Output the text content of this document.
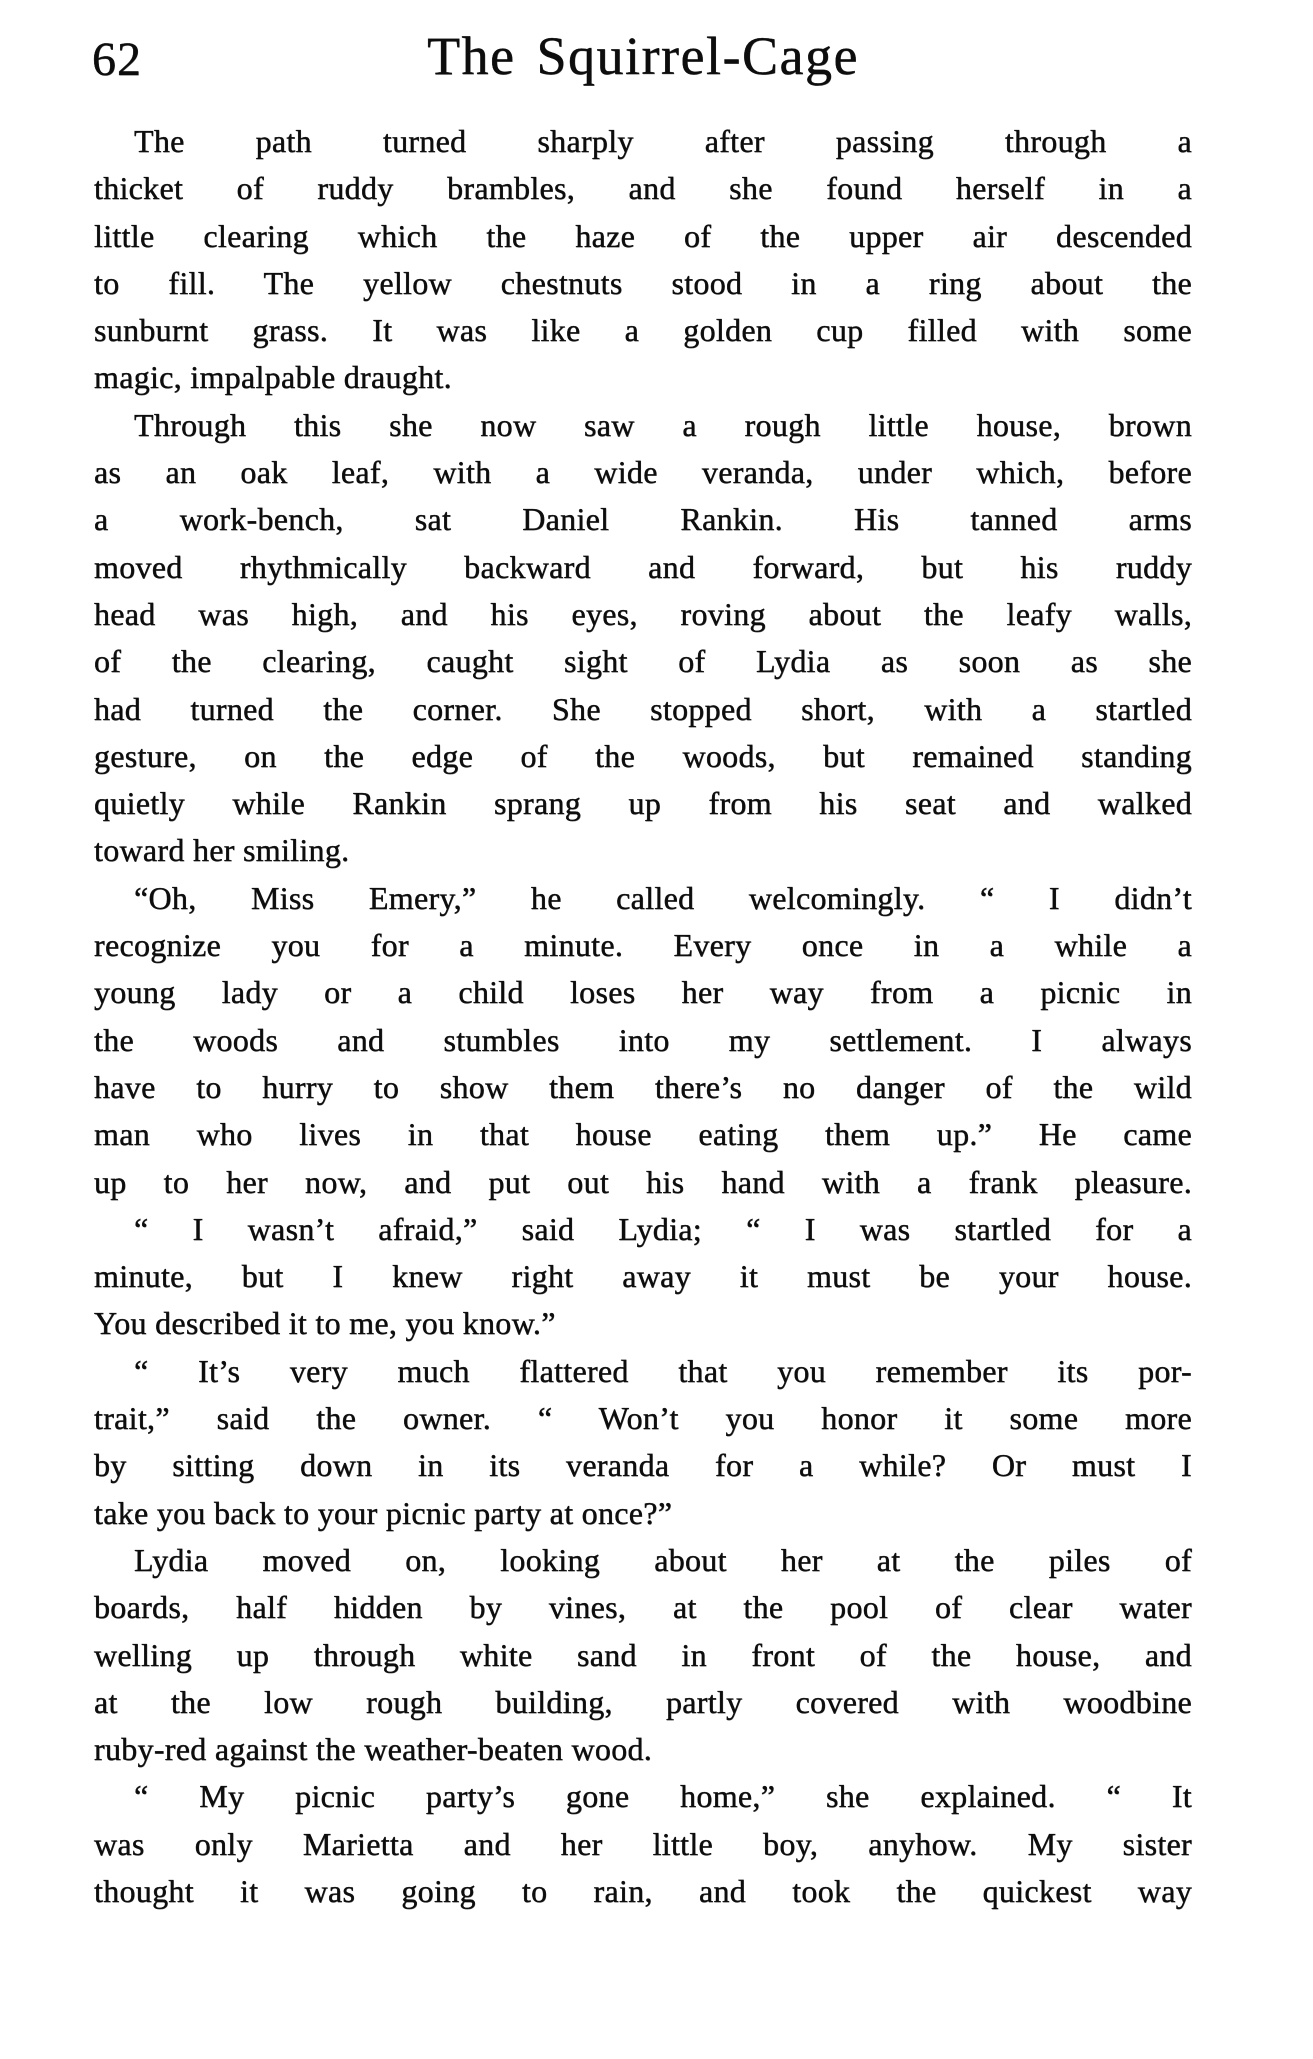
62	The Squirrel-Cage
The path turned sharply after passing through a
thicket of ruddy brambles, and she found herself in a
little clearing which the haze of the upper air descended
to fill. The yellow chestnuts stood in a ring about the
sunburnt grass. It was like a golden cup filled with some
magic, impalpable draught.
Through this she now saw a rough little house, brown
as an oak leaf, with a wide veranda, under which, before
a work-bench, sat Daniel Rankin. His tanned arms
moved rhythmically backward and forward, but his ruddy
head was high, and his eyes, roving about the leafy walls,
of the clearing, caught sight of Lydia as soon as she
had turned the corner. She stopped short, with a startled
gesture, on the edge of the woods, but remained standing
quietly while Rankin sprang up from his seat and walked
toward her smiling.
“Oh, Miss Emery,” he called welcomingly. “ I didn’t
recognize you for a minute. Every once in a while a
young lady or a child loses her way from a picnic in
the woods and stumbles into my settlement. I always
have to hurry to show them there’s no danger of the wild
man who lives in that house eating them up.” He came
up to her now, and put out his hand with a frank pleasure.
“ I wasn’t afraid,” said Lydia; “ I was startled for a
minute, but I knew right away it must be your house.
You described it to me, you know.”
“ It’s very much flattered that you remember its por-
trait,” said the owner. “ Won’t you honor it some more
by sitting down in its veranda for a while? Or must I
take you back to your picnic party at once?”
Lydia moved on, looking about her at the piles of
boards, half hidden by vines, at the pool of clear water
welling up through white sand in front of the house, and
at the low rough building, partly covered with woodbine
ruby-red against the weather-beaten wood.
“ My picnic party’s gone home,” she explained. “ It
was only Marietta and her little boy, anyhow. My sister
thought it was going to rain, and took the quickest way
